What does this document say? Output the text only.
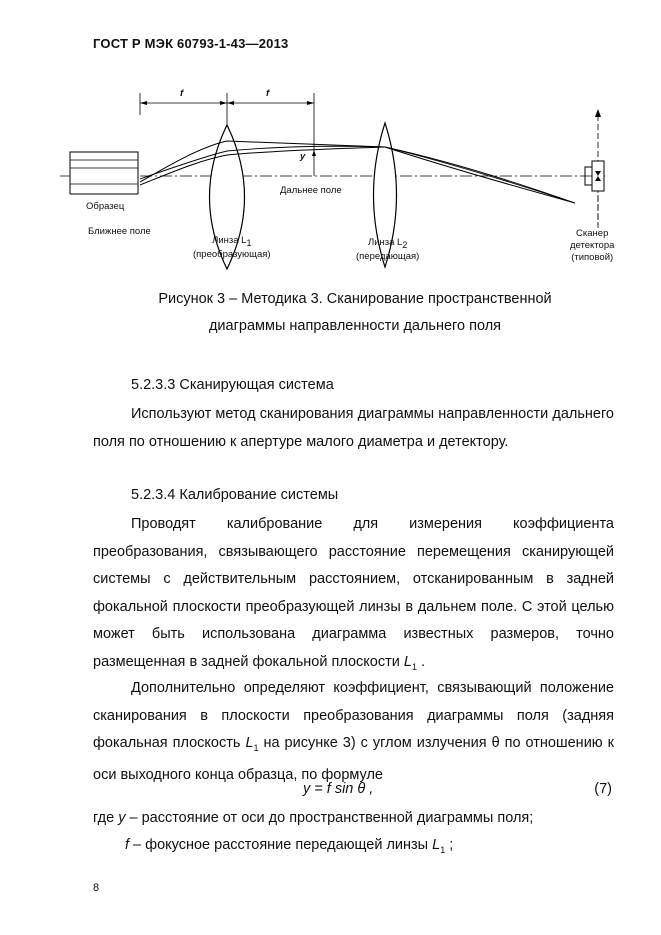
ГОСТ Р МЭК 60793-1-43—2013
f	f
y
Образец
Ближнее поле
Дальнее поле
Линза $L_1$
(преобразующая)
Линза $L_2$
(передающая)
Сканер
детектора
(типовой)
Рисунок 3 – Методика 3. Сканирование пространственной
диаграммы направленности дальнего поля
5.2.3.3 Сканирующая система

Используют метод сканирования диаграммы направленности дальнего поля по отношению к апертуре малого диаметра и детектору.

5.2.3.4 Калибрование системы

Проводят калибрование для измерения коэффициента преобразования, связывающего расстояние перемещения сканирующей системы с действительным расстоянием, отсканированным в задней фокальной плоскости преобразующей линзы в дальнем поле. С этой целью может быть использована диаграмма известных размеров, точно размещенная в задней фокальной плоскости $L_1$ .

Дополнительно определяют коэффициент, связывающий положение сканирования в плоскости преобразования диаграммы поля (задняя фокальная плоскость $L_1$ на рисунке 3) с углом излучения θ по отношению к оси выходного конца образца, по формуле

y = f sin θ ,	(7)
где y – расстояние от оси до пространственной диаграммы поля;
f – фокусное расстояние передающей линзы $L_1$ ;
8
